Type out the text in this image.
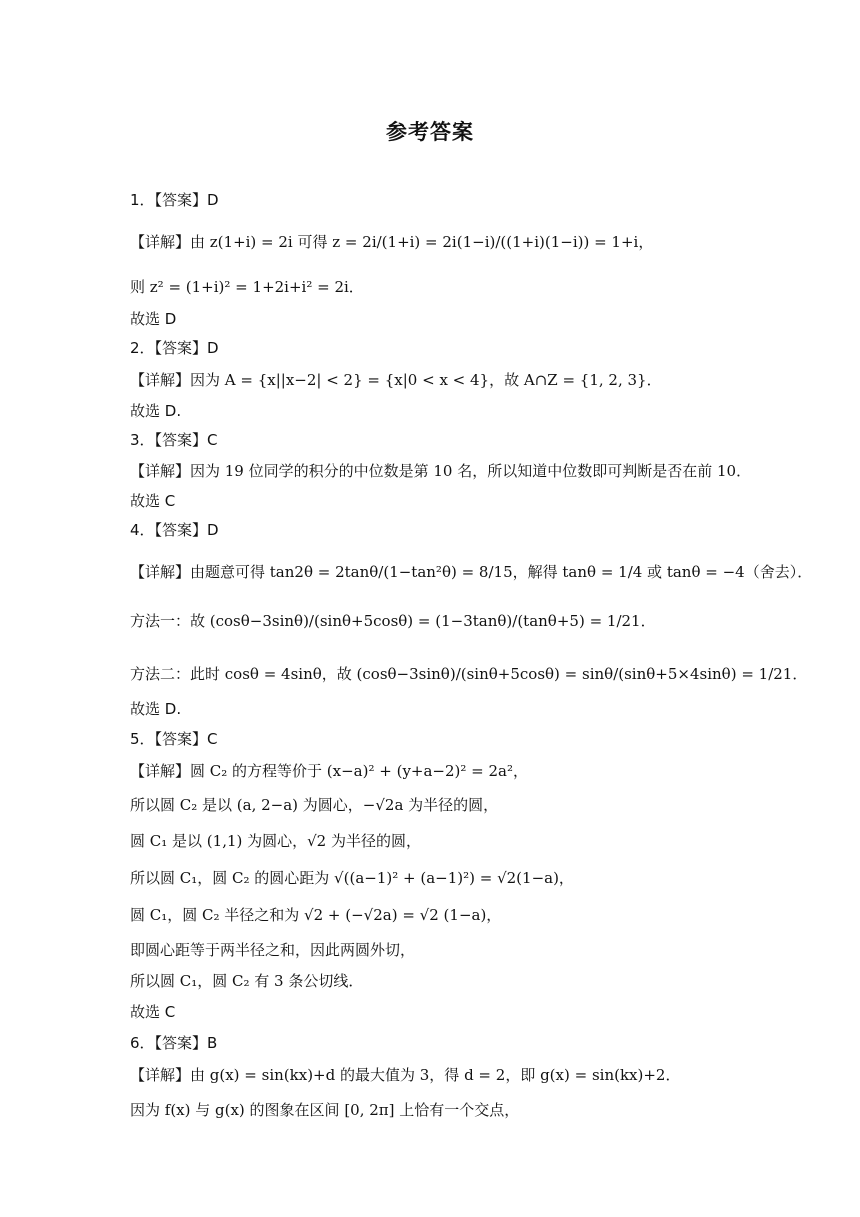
参考答案
1．【答案】D
【详解】由 z(1+i) = 2i 可得 z = 2i/(1+i) = 2i(1−i)/((1+i)(1−i)) = 1+i，
则 z² = (1+i)² = 1+2i+i² = 2i．
故选 D
2．【答案】D
【详解】因为 A = {x||x−2| < 2} = {x|0 < x < 4}，故 A∩Z = {1, 2, 3}．
故选 D.
3．【答案】C
【详解】因为 19 位同学的积分的中位数是第 10 名，所以知道中位数即可判断是否在前 10．
故选 C
4．【答案】D
【详解】由题意可得 tan2θ = 2tanθ/(1−tan²θ) = 8/15，解得 tanθ = 1/4 或 tanθ = −4（舍去）．
方法一：故 (cosθ−3sinθ)/(sinθ+5cosθ) = (1−3tanθ)/(tanθ+5) = 1/21．
方法二：此时 cosθ = 4sinθ，故 (cosθ−3sinθ)/(sinθ+5cosθ) = sinθ/(sinθ+5×4sinθ) = 1/21．
故选 D.
5．【答案】C
【详解】圆 C₂ 的方程等价于 (x−a)² + (y+a−2)² = 2a²，
所以圆 C₂ 是以 (a, 2−a) 为圆心，−√2a 为半径的圆，
圆 C₁ 是以 (1,1) 为圆心，√2 为半径的圆，
所以圆 C₁，圆 C₂ 的圆心距为 √((a−1)² + (a−1)²) = √2(1−a)，
圆 C₁，圆 C₂ 半径之和为 √2 + (−√2a) = √2 (1−a)，
即圆心距等于两半径之和，因此两圆外切，
所以圆 C₁，圆 C₂ 有 3 条公切线．
故选 C
6．【答案】B
【详解】由 g(x) = sin(kx)+d 的最大值为 3，得 d = 2，即 g(x) = sin(kx)+2．
因为 f(x) 与 g(x) 的图象在区间 [0, 2π] 上恰有一个交点，
